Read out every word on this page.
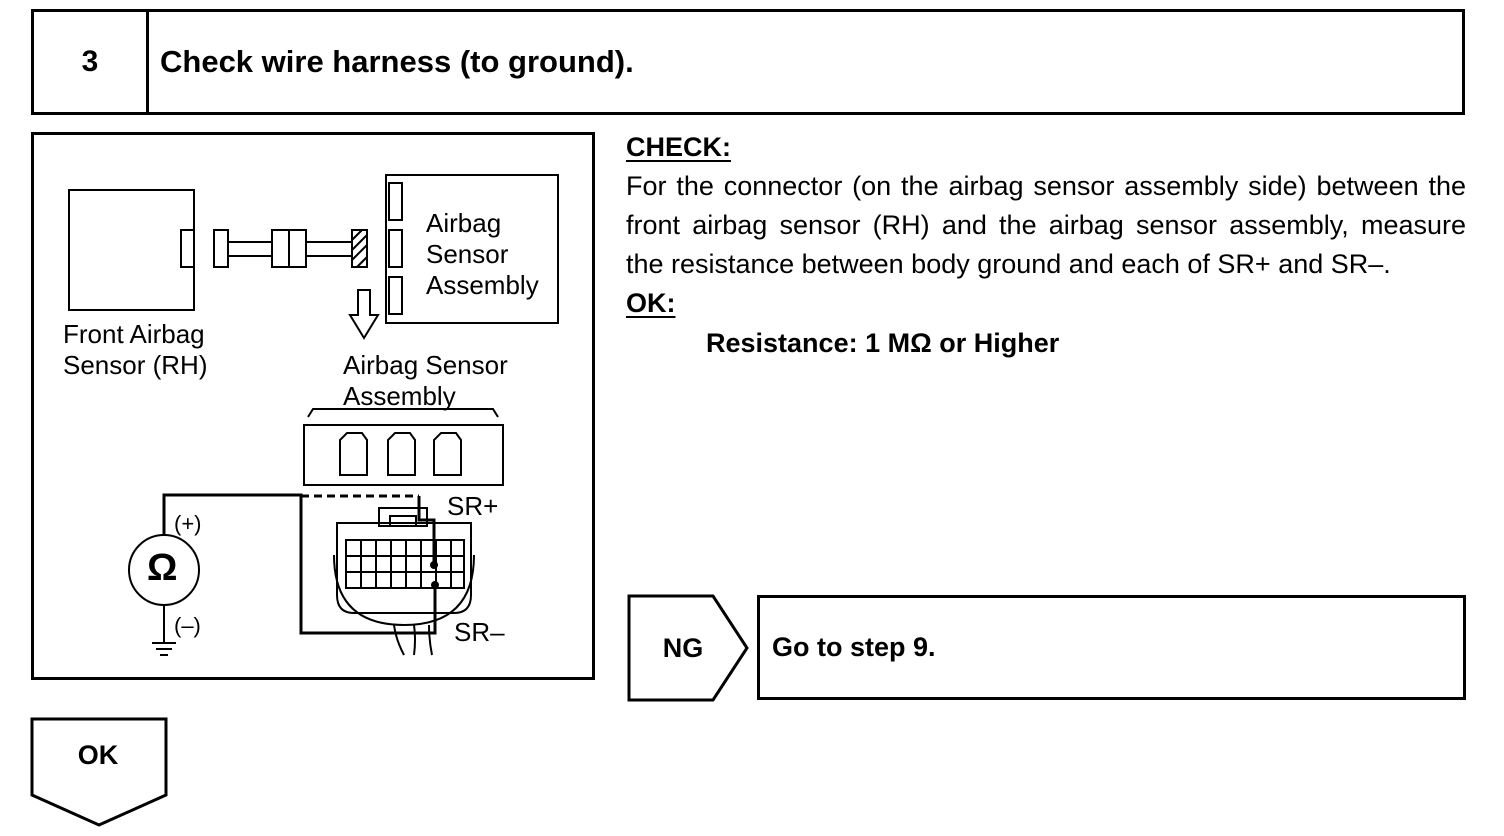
3	Check wire harness (to ground).
Front Airbag
Sensor (RH)
Airbag
Sensor
Assembly
Airbag Sensor
Assembly
Ω
(+)
(–)
SR+
SR–
CHECK:
For the connector (on the airbag sensor assembly side) between the front airbag sensor (RH) and the airbag sensor assembly, measure the resistance between body ground and each of SR+ and SR–.
OK:
Resistance: 1 MΩ or Higher
NG	Go to step 9.
OK
